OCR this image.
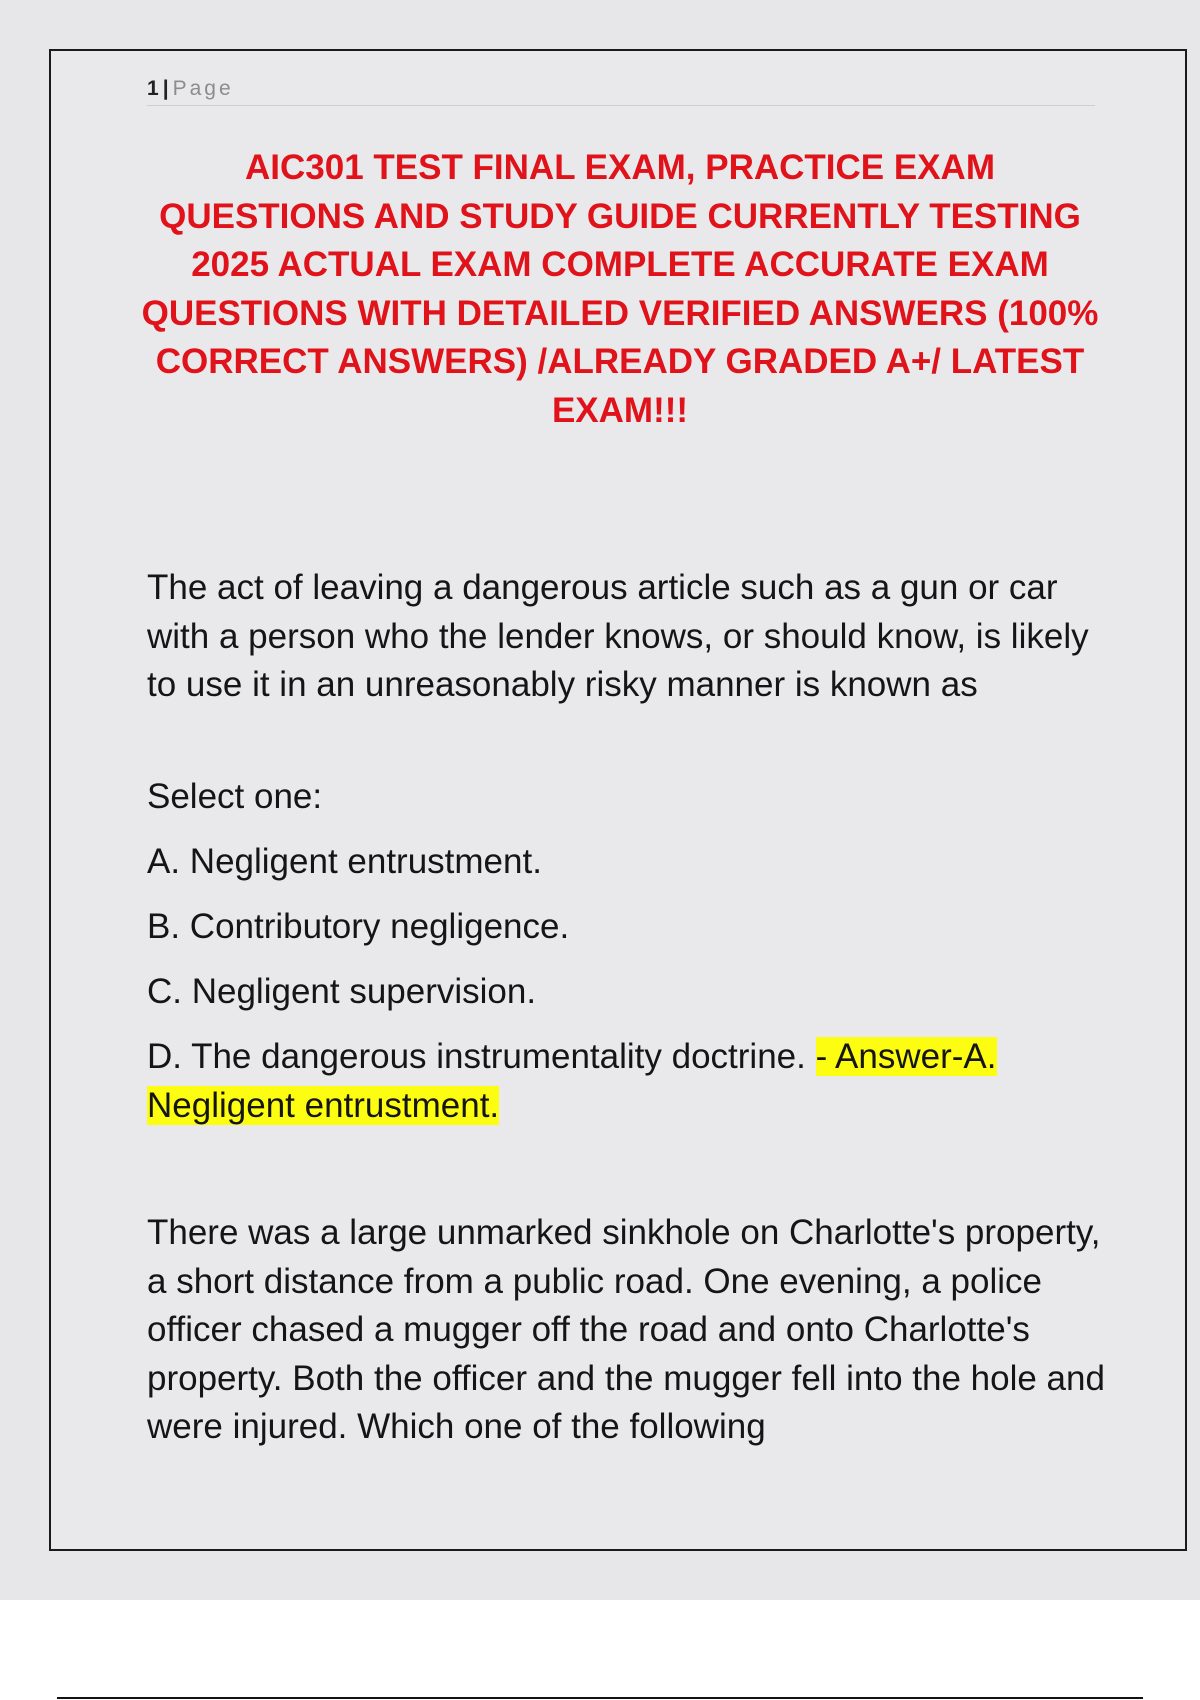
1 | Page
AIC301 TEST FINAL EXAM, PRACTICE EXAM QUESTIONS AND STUDY GUIDE CURRENTLY TESTING 2025 ACTUAL EXAM COMPLETE ACCURATE EXAM QUESTIONS WITH DETAILED VERIFIED ANSWERS (100% CORRECT ANSWERS) /ALREADY GRADED A+/ LATEST EXAM!!!

The act of leaving a dangerous article such as a gun or car with a person who the lender knows, or should know, is likely to use it in an unreasonably risky manner is known as

Select one:
A. Negligent entrustment.
B. Contributory negligence.
C. Negligent supervision.
D. The dangerous instrumentality doctrine. - Answer-A. Negligent entrustment.

There was a large unmarked sinkhole on Charlotte's property, a short distance from a public road. One evening, a police officer chased a mugger off the road and onto Charlotte's property. Both the officer and the mugger fell into the hole and were injured. Which one of the following
